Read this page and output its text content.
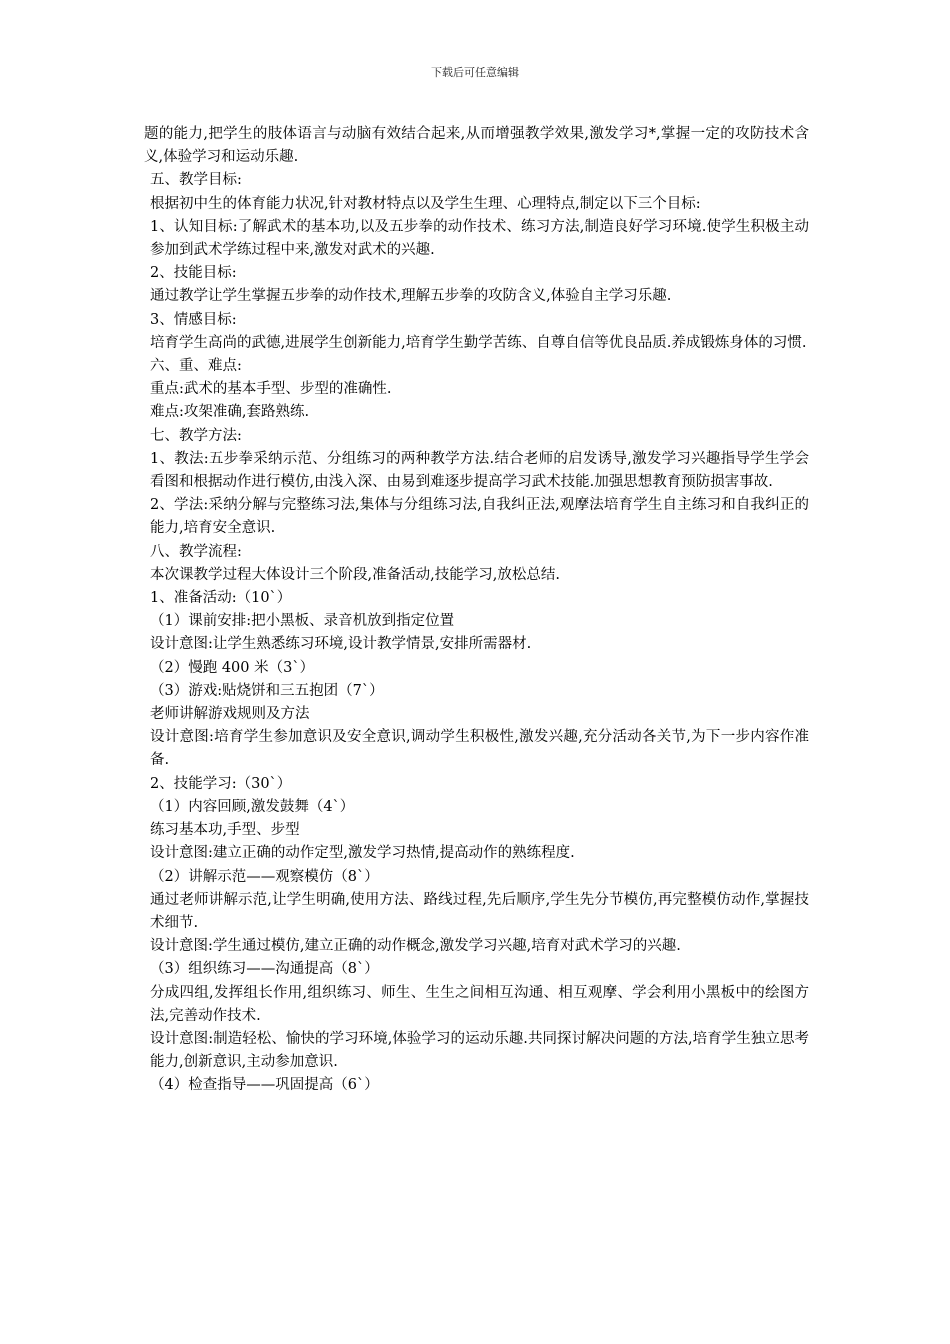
下载后可任意编辑

题的能力,把学生的肢体语言与动脑有效结合起来,从而增强教学效果,激发学习*,掌握一定的攻防技术含义,体验学习和运动乐趣.

五、教学目标:

根据初中生的体育能力状况,针对教材特点以及学生生理、心理特点,制定以下三个目标:

1、认知目标:了解武术的基本功,以及五步拳的动作技术、练习方法,制造良好学习环境.使学生积极主动参加到武术学练过程中来,激发对武术的兴趣.

2、技能目标:

通过教学让学生掌握五步拳的动作技术,理解五步拳的攻防含义,体验自主学习乐趣.

3、情感目标:

培育学生高尚的武德,进展学生创新能力,培育学生勤学苦练、自尊自信等优良品质.养成锻炼身体的习惯.

六、重、难点:

重点:武术的基本手型、步型的准确性.

难点:攻架准确,套路熟练.

七、教学方法:

1、教法:五步拳采纳示范、分组练习的两种教学方法.结合老师的启发诱导,激发学习兴趣指导学生学会看图和根据动作进行模仿,由浅入深、由易到难逐步提高学习武术技能.加强思想教育预防损害事故.

2、学法:采纳分解与完整练习法,集体与分组练习法,自我纠正法,观摩法培育学生自主练习和自我纠正的能力,培育安全意识.

八、教学流程:

本次课教学过程大体设计三个阶段,准备活动,技能学习,放松总结.

1、准备活动:（10`）

（1）课前安排:把小黑板、录音机放到指定位置

设计意图:让学生熟悉练习环境,设计教学情景,安排所需器材.

（2）慢跑 400 米（3`）

（3）游戏:贴烧饼和三五抱团（7`）

老师讲解游戏规则及方法

设计意图:培育学生参加意识及安全意识,调动学生积极性,激发兴趣,充分活动各关节,为下一步内容作准备.

2、技能学习:（30`）

（1）内容回顾,激发鼓舞（4`）

练习基本功,手型、步型

设计意图:建立正确的动作定型,激发学习热情,提高动作的熟练程度.

（2）讲解示范——观察模仿（8`）

通过老师讲解示范,让学生明确,使用方法、路线过程,先后顺序,学生先分节模仿,再完整模仿动作,掌握技术细节.

设计意图:学生通过模仿,建立正确的动作概念,激发学习兴趣,培育对武术学习的兴趣.

（3）组织练习——沟通提高（8`）

分成四组,发挥组长作用,组织练习、师生、生生之间相互沟通、相互观摩、学会利用小黑板中的绘图方法,完善动作技术.

设计意图:制造轻松、愉快的学习环境,体验学习的运动乐趣.共同探讨解决问题的方法,培育学生独立思考能力,创新意识,主动参加意识.

（4）检查指导——巩固提高（6`）
